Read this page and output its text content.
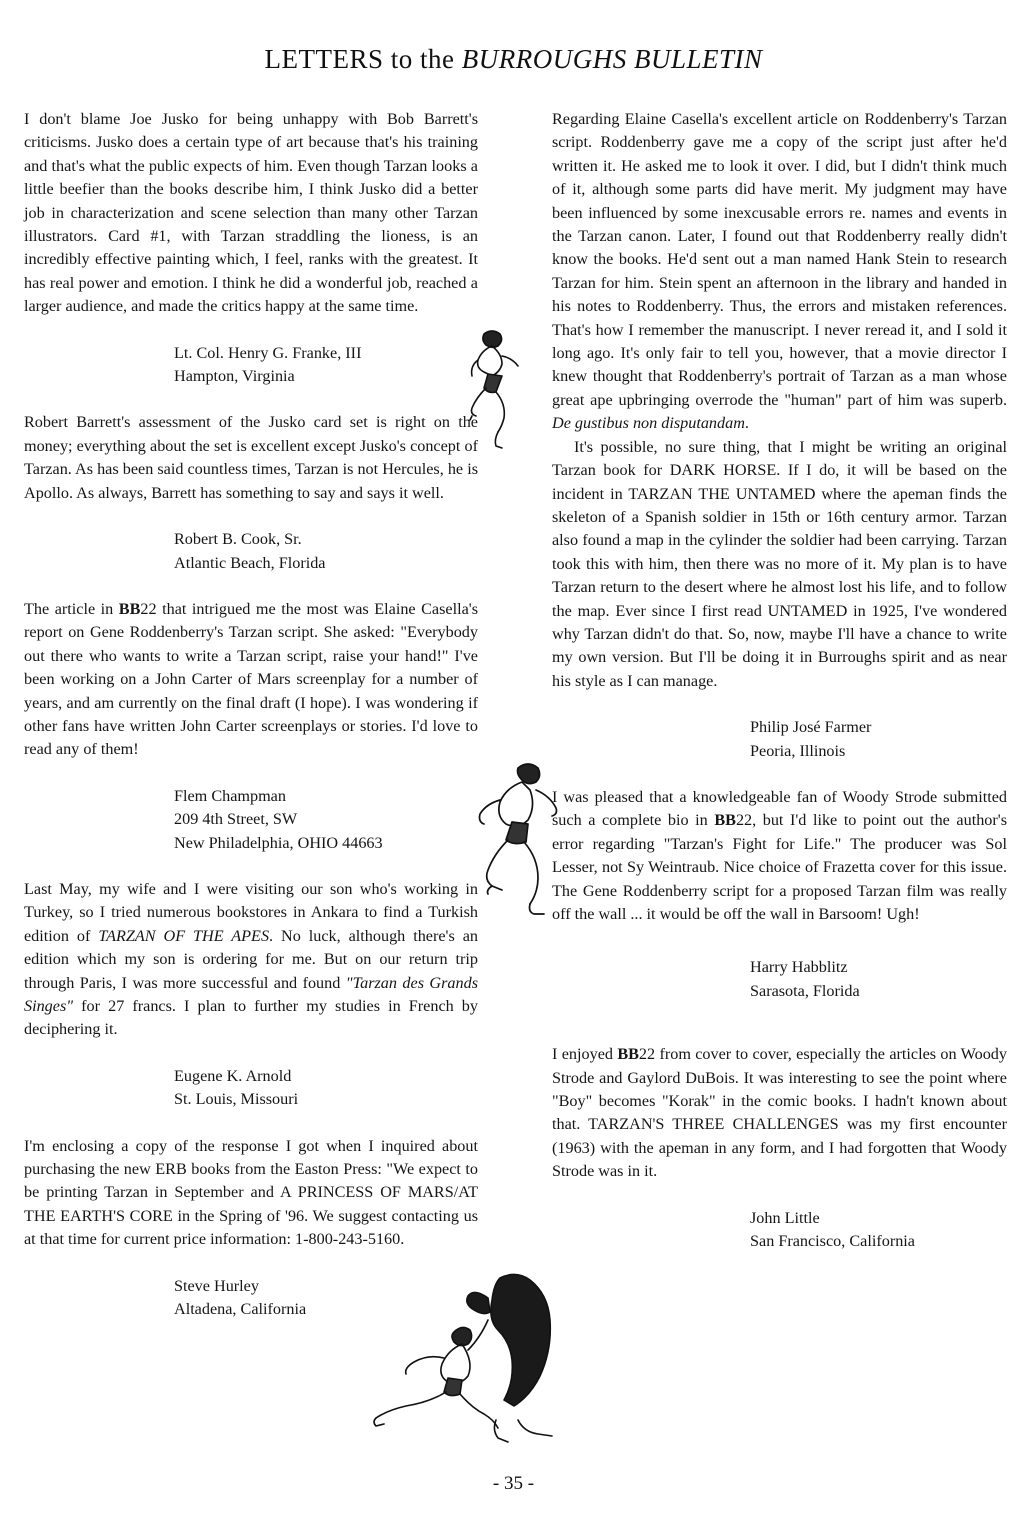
LETTERS to the BURROUGHS BULLETIN

I don't blame Joe Jusko for being unhappy with Bob Barrett's criticisms. Jusko does a certain type of art because that's his training and that's what the public expects of him. Even though Tarzan looks a little beefier than the books describe him, I think Jusko did a better job in characterization and scene selection than many other Tarzan illustrators. Card #1, with Tarzan straddling the lioness, is an incredibly effective painting which, I feel, ranks with the greatest. It has real power and emotion. I think he did a wonderful job, reached a larger audience, and made the critics happy at the same time.

Lt. Col. Henry G. Franke, III
Hampton, Virginia

Robert Barrett's assessment of the Jusko card set is right on the money; everything about the set is excellent except Jusko's concept of Tarzan. As has been said countless times, Tarzan is not Hercules, he is Apollo. As always, Barrett has something to say and says it well.

Robert B. Cook, Sr.
Atlantic Beach, Florida

The article in BB22 that intrigued me the most was Elaine Casella's report on Gene Roddenberry's Tarzan script. She asked: "Everybody out there who wants to write a Tarzan script, raise your hand!" I've been working on a John Carter of Mars screenplay for a number of years, and am currently on the final draft (I hope). I was wondering if other fans have written John Carter screenplays or stories. I'd love to read any of them!

Flem Champman
209 4th Street, SW
New Philadelphia, OHIO 44663

Last May, my wife and I were visiting our son who's working in Turkey, so I tried numerous bookstores in Ankara to find a Turkish edition of TARZAN OF THE APES. No luck, although there's an edition which my son is ordering for me. But on our return trip through Paris, I was more successful and found "Tarzan des Grands Singes" for 27 francs. I plan to further my studies in French by deciphering it.

Eugene K. Arnold
St. Louis, Missouri

I'm enclosing a copy of the response I got when I inquired about purchasing the new ERB books from the Easton Press: "We expect to be printing Tarzan in September and A PRINCESS OF MARS/AT THE EARTH'S CORE in the Spring of '96. We suggest contacting us at that time for current price information: 1-800-243-5160.

Steve Hurley
Altadena, California

Regarding Elaine Casella's excellent article on Roddenberry's Tarzan script. Roddenberry gave me a copy of the script just after he'd written it. He asked me to look it over. I did, but I didn't think much of it, although some parts did have merit. My judgment may have been influenced by some inexcusable errors re. names and events in the Tarzan canon. Later, I found out that Roddenberry really didn't know the books. He'd sent out a man named Hank Stein to research Tarzan for him. Stein spent an afternoon in the library and handed in his notes to Roddenberry. Thus, the errors and mistaken references. That's how I remember the manuscript. I never reread it, and I sold it long ago. It's only fair to tell you, however, that a movie director I knew thought that Roddenberry's portrait of Tarzan as a man whose great ape upbringing overrode the "human" part of him was superb. De gustibus non disputandam.

It's possible, no sure thing, that I might be writing an original Tarzan book for DARK HORSE. If I do, it will be based on the incident in TARZAN THE UNTAMED where the apeman finds the skeleton of a Spanish soldier in 15th or 16th century armor. Tarzan also found a map in the cylinder the soldier had been carrying. Tarzan took this with him, then there was no more of it. My plan is to have Tarzan return to the desert where he almost lost his life, and to follow the map. Ever since I first read UNTAMED in 1925, I've wondered why Tarzan didn't do that. So, now, maybe I'll have a chance to write my own version. But I'll be doing it in Burroughs spirit and as near his style as I can manage.

Philip José Farmer
Peoria, Illinois

I was pleased that a knowledgeable fan of Woody Strode submitted such a complete bio in BB22, but I'd like to point out the author's error regarding "Tarzan's Fight for Life." The producer was Sol Lesser, not Sy Weintraub. Nice choice of Frazetta cover for this issue. The Gene Roddenberry script for a proposed Tarzan film was really off the wall ... it would be off the wall in Barsoom! Ugh!

Harry Habblitz
Sarasota, Florida

I enjoyed BB22 from cover to cover, especially the articles on Woody Strode and Gaylord DuBois. It was interesting to see the point where "Boy" becomes "Korak" in the comic books. I hadn't known about that. TARZAN'S THREE CHALLENGES was my first encounter (1963) with the apeman in any form, and I had forgotten that Woody Strode was in it.

John Little
San Francisco, California
- 35 -
